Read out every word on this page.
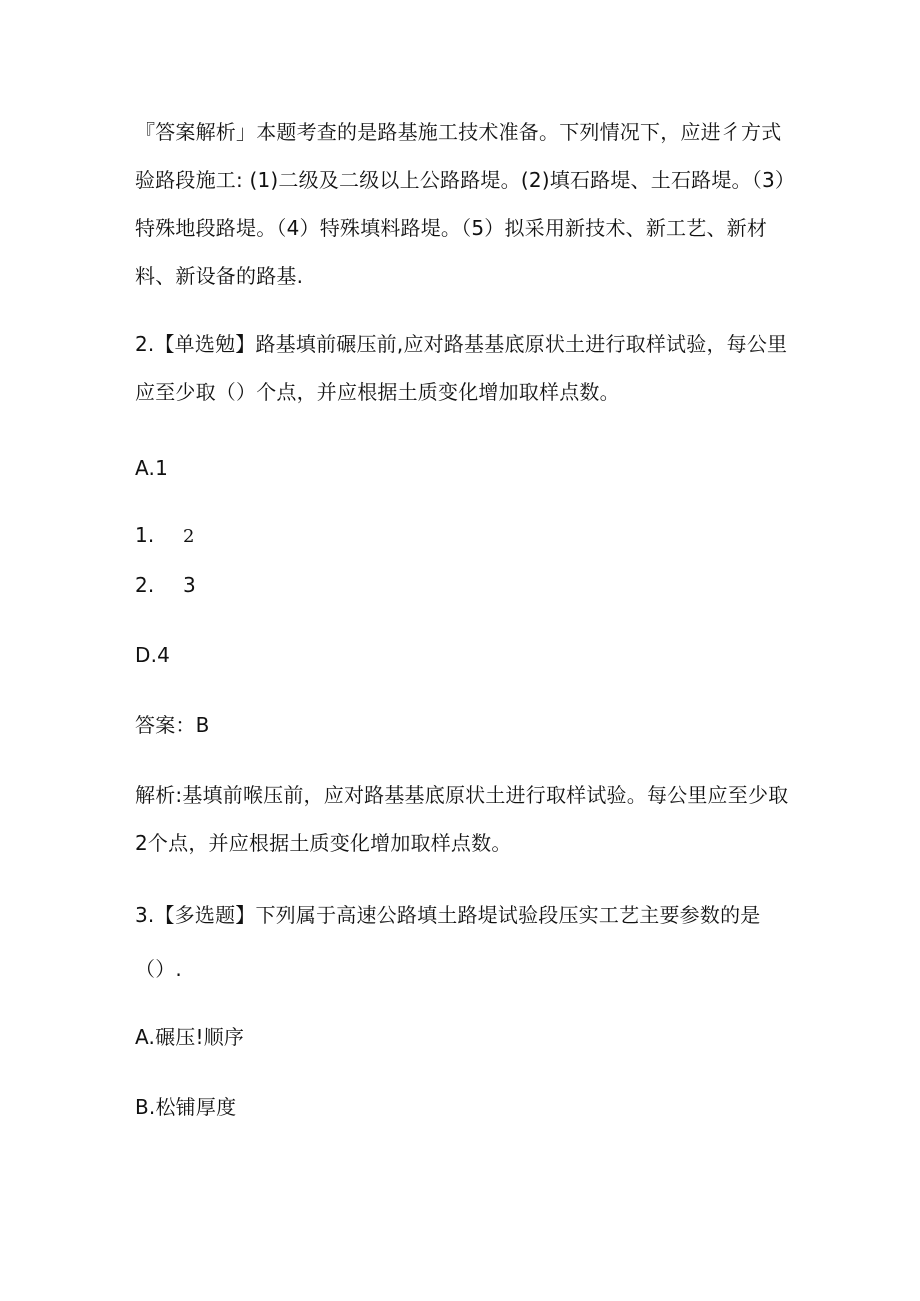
『答案解析」本题考查的是路基施工技术准备。下列情况下，应进彳方式
验路段施工: (1)二级及二级以上公路路堤。(2)填石路堤、土石路堤。（3）
特殊地段路堤。（4）特殊填料路堤。（5）拟采用新技术、新工艺、新材
料、新设备的路基.
2.【单选勉】路基填前碾压前,应对路基基底原状土进行取样试验，每公里
应至少取（）个点，并应根据土质变化增加取样点数。
A.1
1. 2
2. 3
D.4
答案：B
解析:基填前喉压前，应对路基基底原状土进行取样试验。每公里应至少取
2个点，并应根据土质变化增加取样点数。
3.【多选题】下列属于高速公路填土路堤试验段压实工艺主要参数的是
（）.
A.碾压!顺序
B.松铺厚度
